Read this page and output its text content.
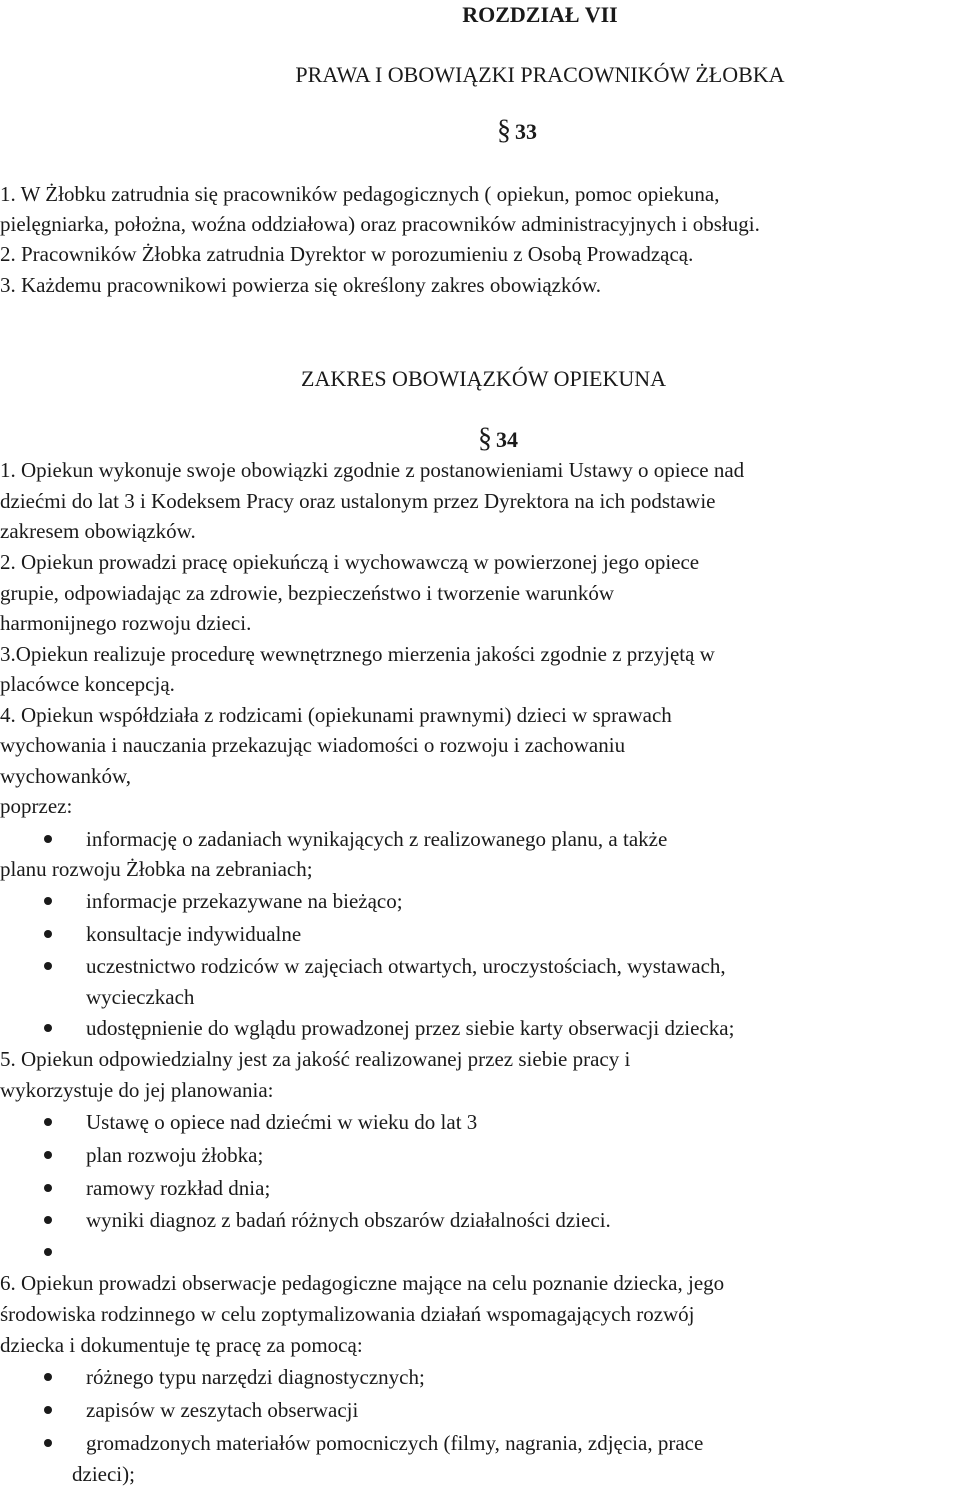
ROZDZIAŁ VII
PRAWA I OBOWIĄZKI PRACOWNIKÓW ŻŁOBKA
§ 33
1. W Żłobku zatrudnia się pracowników pedagogicznych ( opiekun, pomoc opiekuna,
pielęgniarka, położna, woźna oddziałowa) oraz pracowników administracyjnych i obsługi.
2. Pracowników Żłobka zatrudnia Dyrektor w porozumieniu z Osobą Prowadzącą.
3. Każdemu pracownikowi powierza się określony zakres obowiązków.
ZAKRES OBOWIĄZKÓW OPIEKUNA
§ 34
1. Opiekun wykonuje swoje obowiązki zgodnie z postanowieniami Ustawy o opiece nad
dziećmi do lat 3 i Kodeksem Pracy oraz ustalonym przez Dyrektora na ich podstawie
zakresem obowiązków.
2. Opiekun prowadzi pracę opiekuńczą i wychowawczą w powierzonej jego opiece
grupie, odpowiadając za zdrowie, bezpieczeństwo i tworzenie warunków
harmonijnego rozwoju dzieci.
3.Opiekun realizuje procedurę wewnętrznego mierzenia jakości zgodnie z przyjętą w
placówce koncepcją.
4. Opiekun współdziała z rodzicami (opiekunami prawnymi) dzieci w sprawach
wychowania i nauczania przekazując wiadomości o rozwoju i zachowaniu
wychowanków,
poprzez:
informację o zadaniach wynikających z realizowanego planu, a także
planu rozwoju Żłobka na zebraniach;
informacje przekazywane na bieżąco;
konsultacje indywidualne
uczestnictwo rodziców w zajęciach otwartych, uroczystościach, wystawach,
wycieczkach
udostępnienie do wglądu prowadzonej przez siebie karty obserwacji dziecka;
5. Opiekun odpowiedzialny jest za jakość realizowanej przez siebie pracy i
wykorzystuje do jej planowania:
Ustawę o opiece nad dziećmi w wieku do lat 3
plan rozwoju żłobka;
ramowy rozkład dnia;
wyniki diagnoz z badań różnych obszarów działalności dzieci.
6. Opiekun prowadzi obserwacje pedagogiczne mające na celu poznanie dziecka, jego
środowiska rodzinnego w celu zoptymalizowania działań wspomagających rozwój
dziecka i dokumentuje tę pracę za pomocą:
różnego typu narzędzi diagnostycznych;
zapisów w zeszytach obserwacji
gromadzonych materiałów pomocniczych (filmy, nagrania, zdjęcia, prace
dzieci);
